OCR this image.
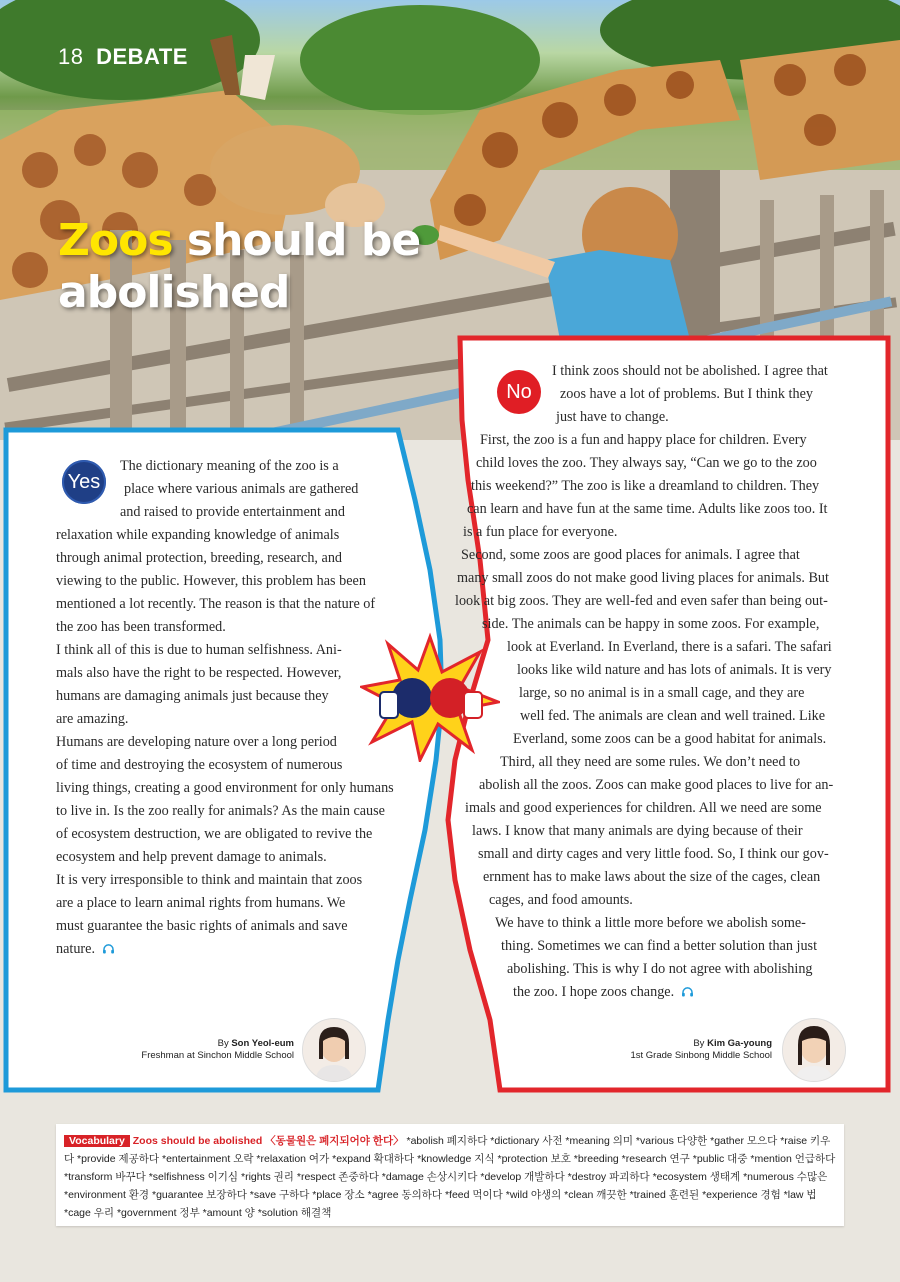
18 DEBATE
Zoos should be
abolished
Yes
The dictionary meaning of the zoo is a
place where various animals are gathered
and raised to provide entertainment and
relaxation while expanding knowledge of animals
through animal protection, breeding, research, and
viewing to the public. However, this problem has been
mentioned a lot recently. The reason is that the nature of
the zoo has been transformed.
I think all of this is due to human selfishness. Ani-
mals also have the right to be respected. However,
humans are damaging animals just because they
are amazing.
Humans are developing nature over a long period
of time and destroying the ecosystem of numerous
living things, creating a good environment for only humans
to live in. Is the zoo really for animals? As the main cause
of ecosystem destruction, we are obligated to revive the
ecosystem and help prevent damage to animals.
It is very irresponsible to think and maintain that zoos
are a place to learn animal rights from humans. We
must guarantee the basic rights of animals and save
nature.
By Son Yeol-eum
Freshman at Sinchon Middle School
No
I think zoos should not be abolished. I agree that
zoos have a lot of problems. But I think they
just have to change.
First, the zoo is a fun and happy place for children. Every
child loves the zoo. They always say, “Can we go to the zoo
this weekend?” The zoo is like a dreamland to children. They
can learn and have fun at the same time. Adults like zoos too. It
is a fun place for everyone.
Second, some zoos are good places for animals. I agree that
many small zoos do not make good living places for animals. But
look at big zoos. They are well-fed and even safer than being out-
side. The animals can be happy in some zoos. For example,
look at Everland. In Everland, there is a safari. The safari
looks like wild nature and has lots of animals. It is very
large, so no animal is in a small cage, and they are
well fed. The animals are clean and well trained. Like
Everland, some zoos can be a good habitat for animals.
Third, all they need are some rules. We don’t need to
abolish all the zoos. Zoos can make good places to live for an-
imals and good experiences for children. All we need are some
laws. I know that many animals are dying because of their
small and dirty cages and very little food. So, I think our gov-
ernment has to make laws about the size of the cages, clean
cages, and food amounts.
We have to think a little more before we abolish some-
thing. Sometimes we can find a better solution than just
abolishing. This is why I do not agree with abolishing
the zoo. I hope zoos change.
By Kim Ga-young
1st Grade Sinbong Middle School
Vocabulary Zoos should be abolished 〈동물원은 폐지되어야 한다〉 *abolish 폐지하다 *dictionary 사전 *meaning 의미 *various 다양한 *gather 모으다 *raise 키우다 *provide 제공하다 *entertainment 오락 *relaxation 여가 *expand 확대하다 *knowledge 지식 *protection 보호 *breeding *research 연구 *public 대중 *mention 언급하다 *transform 바꾸다 *selfishness 이기심 *rights 권리 *respect 존중하다 *damage 손상시키다 *develop 개발하다 *destroy 파괴하다 *ecosystem 생태계 *numerous 수많은 *environment 환경 *guarantee 보장하다 *save 구하다 *place 장소 *agree 동의하다 *feed 먹이다 *wild 야생의 *clean 깨끗한 *trained 훈련된 *experience 경험 *law 법 *cage 우리 *government 정부 *amount 양 *solution 해결책
